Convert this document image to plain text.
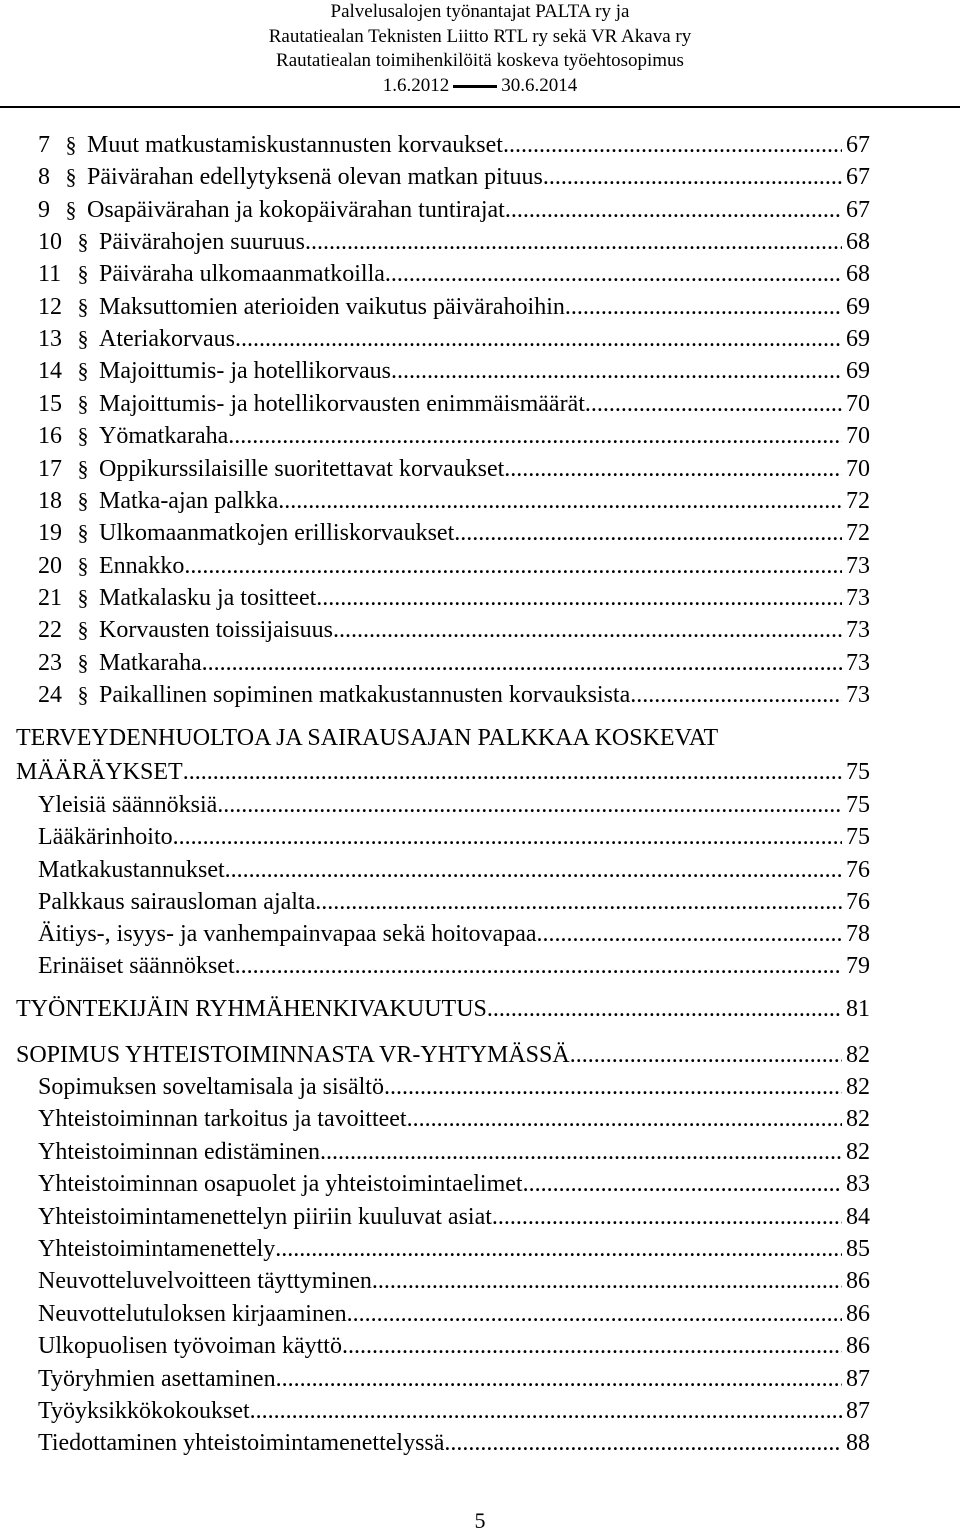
Palvelusalojen työnantajat PALTA ry ja
Rautatiealan Teknisten Liitto RTL ry sekä VR Akava ry
Rautatiealan toimihenkilöitä koskeva työehtosopimus
1.6.2012	30.6.2014
7 § Muut matkustamiskustannusten korvaukset .....	67
8 § Päivärahan edellytyksenä olevan matkan pituus .....	67
9 § Osapäivärahan ja kokopäivärahan tuntirajat .....	67
10 § Päivärahojen suuruus .....	68
11 § Päiväraha ulkomaanmatkoilla .....	68
12 § Maksuttomien aterioiden vaikutus päivärahoihin .....	69
13 § Ateriakorvaus .....	69
14 § Majoittumis- ja hotellikorvaus .....	69
15 § Majoittumis- ja hotellikorvausten enimmäismäärät .....	70
16 § Yömatkaraha .....	70
17 § Oppikurssilaisille suoritettavat korvaukset .....	70
18 § Matka-ajan palkka .....	72
19 § Ulkomaanmatkojen erilliskorvaukset .....	72
20 § Ennakko .....	73
21 § Matkalasku ja tositteet .....	73
22 § Korvausten toissijaisuus .....	73
23 § Matkaraha .....	73
24 § Paikallinen sopiminen matkakustannusten korvauksista .....	73
TERVEYDENHUOLTOA JA SAIRAUSAJAN PALKKAA KOSKEVAT
MÄÄRÄYKSET .....	75
Yleisiä säännöksiä .....	75
Lääkärinhoito .....	75
Matkakustannukset .....	76
Palkkaus sairausloman ajalta .....	76
Äitiys-, isyys- ja vanhempainvapaa sekä hoitovapaa .....	78
Erinäiset säännökset .....	79
TYÖNTEKIJÄIN RYHMÄHENKIVAKUUTUS .....	81
SOPIMUS YHTEISTOIMINNASTA VR-YHTYMÄSSÄ .....	82
Sopimuksen soveltamisala ja sisältö .....	82
Yhteistoiminnan tarkoitus ja tavoitteet .....	82
Yhteistoiminnan edistäminen .....	82
Yhteistoiminnan osapuolet ja yhteistoimintaelimet .....	83
Yhteistoimintamenettelyn piiriin kuuluvat asiat .....	84
Yhteistoimintamenettely .....	85
Neuvotteluvelvoitteen täyttyminen .....	86
Neuvottelutuloksen kirjaaminen .....	86
Ulkopuolisen työvoiman käyttö .....	86
Työryhmien asettaminen .....	87
Työyksikkökokoukset .....	87
Tiedottaminen yhteistoimintamenettelyssä .....	88
5
